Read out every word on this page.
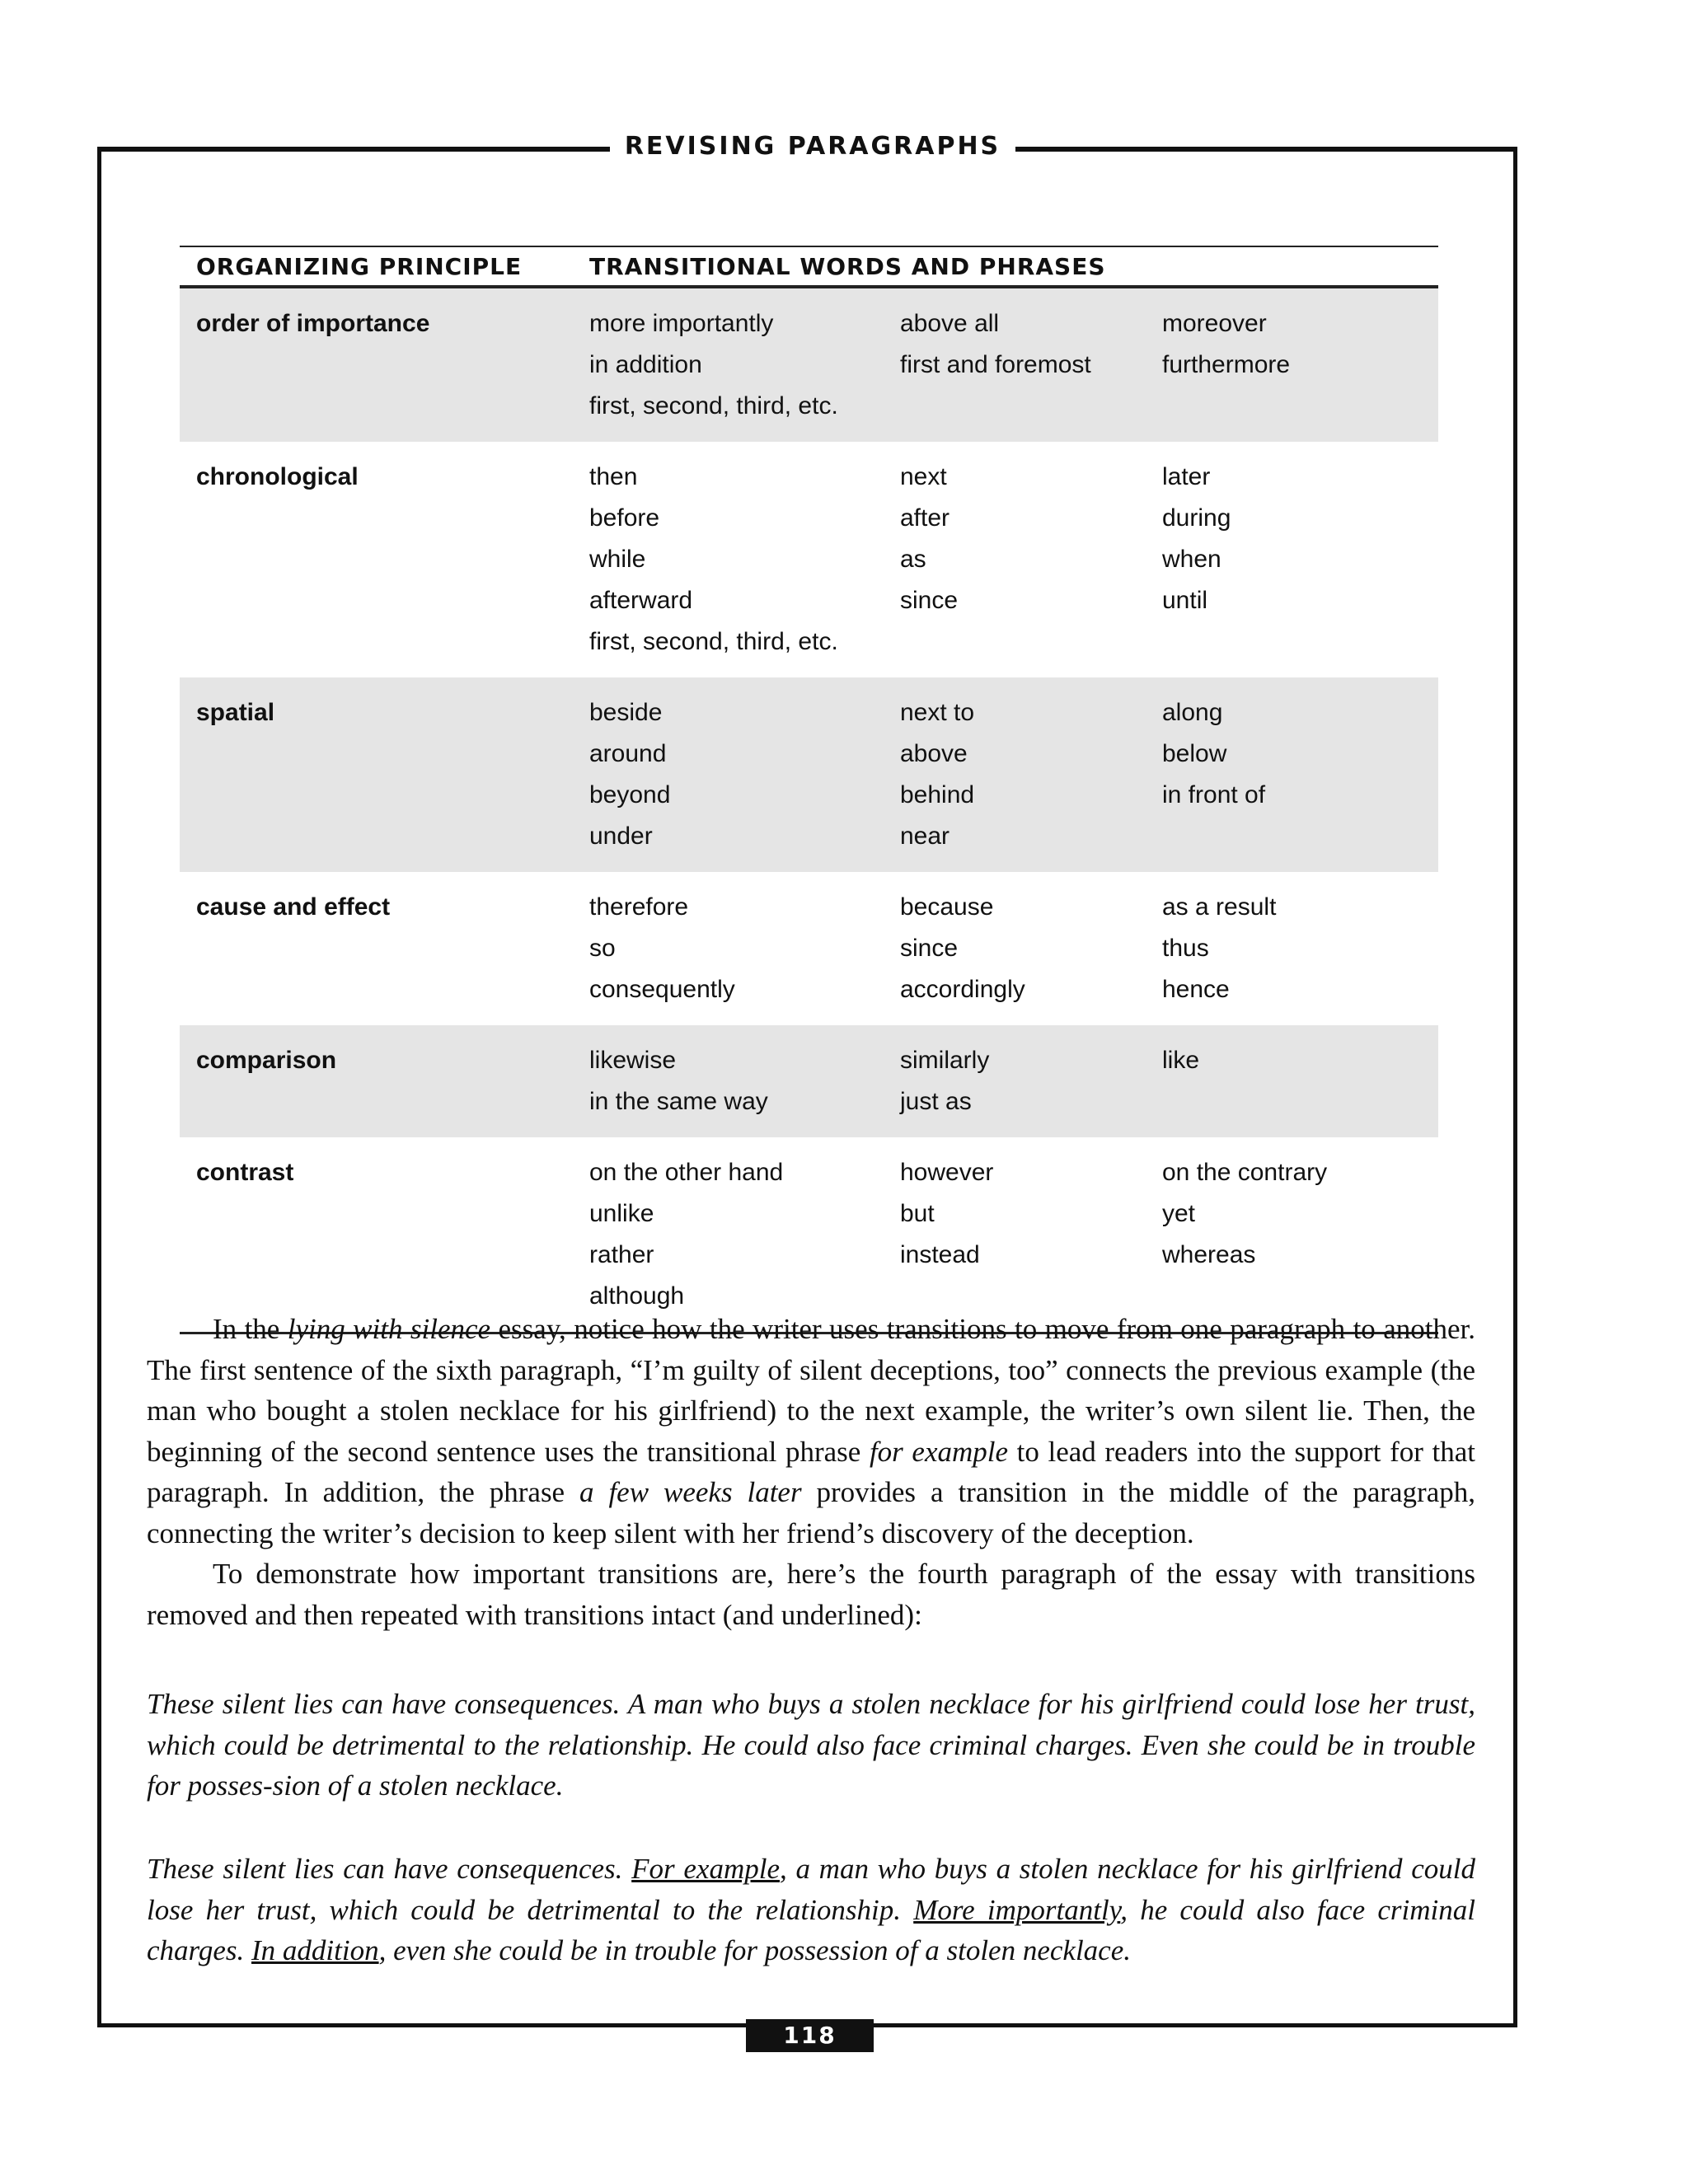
REVISING PARAGRAPHS
ORGANIZING PRINCIPLE	TRANSITIONAL WORDS AND PHRASES
order of importance	more importantly	above all	moreover
in addition	first and foremost	furthermore
first, second, third, etc.
chronological	then	next	later
before	after	during
while	as	when
afterward	since	until
first, second, third, etc.
spatial	beside	next to	along
around	above	below
beyond	behind	in front of
under	near
cause and effect	therefore	because	as a result
so	since	thus
consequently	accordingly	hence
comparison	likewise	similarly	like
in the same way	just as
contrast	on the other hand	however	on the contrary
unlike	but	yet
rather	instead	whereas
although

In the lying with silence essay, notice how the writer uses transitions to move from one paragraph to another. The first sentence of the sixth paragraph, “I’m guilty of silent deceptions, too” connects the previous example (the man who bought a stolen necklace for his girlfriend) to the next example, the writer’s own silent lie. Then, the beginning of the second sentence uses the transitional phrase for example to lead readers into the support for that paragraph. In addition, the phrase a few weeks later provides a transition in the middle of the paragraph, connecting the writer’s decision to keep silent with her friend’s discovery of the deception.

To demonstrate how important transitions are, here’s the fourth paragraph of the essay with transitions removed and then repeated with transitions intact (and underlined):

These silent lies can have consequences. A man who buys a stolen necklace for his girlfriend could lose her trust, which could be detrimental to the relationship. He could also face criminal charges. Even she could be in trouble for posses-sion of a stolen necklace.

These silent lies can have consequences. For example, a man who buys a stolen necklace for his girlfriend could lose her trust, which could be detrimental to the relationship. More importantly, he could also face criminal charges. In addition, even she could be in trouble for possession of a stolen necklace.

118
